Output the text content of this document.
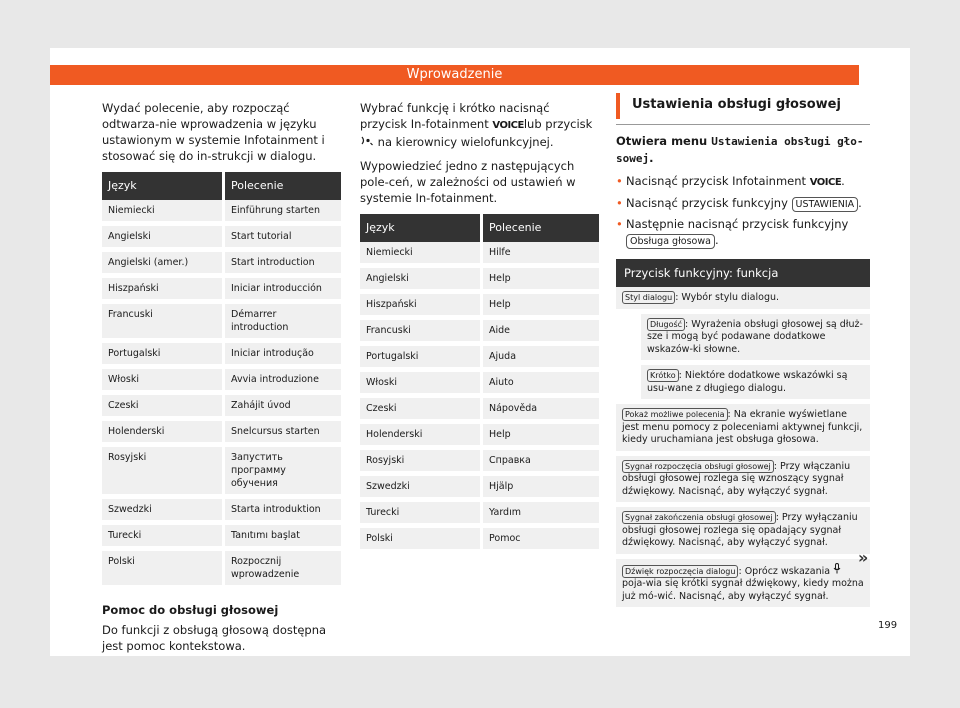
Wprowadzenie

Wydać polecenie, aby rozpocząć odtwarza-nie wprowadzenia w języku ustawionym w systemie Infotainment i stosować się do in-strukcji w dialogu.

Język	Polecenie
Niemiecki	Einführung starten
Angielski	Start tutorial
Angielski (amer.)	Start introduction
Hiszpański	Iniciar introducción
Francuski	Démarrer introduction
Portugalski	Iniciar introdução
Włoski	Avvia introduzione
Czeski	Zahájit úvod
Holenderski	Snelcursus starten
Rosyjski	Запустить программу обучения
Szwedzki	Starta introduktion
Turecki	Tanıtımı başlat
Polski	Rozpocznij wprowadzenie

Pomoc do obsługi głosowej

Do funkcji z obsługą głosową dostępna jest pomoc kontekstowa.

Wybrać funkcję i krótko nacisnąć przycisk In-fotainment VOICElub przycisk  na kierownicy wielofunkcyjnej.

Wypowiedzieć jedno z następujących pole-ceń, w zależności od ustawień w systemie In-fotainment.

Język	Polecenie
Niemiecki	Hilfe
Angielski	Help
Hiszpański	Help
Francuski	Aide
Portugalski	Ajuda
Włoski	Aiuto
Czeski	Nápověda
Holenderski	Help
Rosyjski	Справка
Szwedzki	Hjälp
Turecki	Yardım
Polski	Pomoc
Ustawienia obsługi głosowej

Otwiera menu Ustawienia obsługi gło-sowej.

• Nacisnąć przycisk Infotainment VOICE.
• Nacisnąć przycisk funkcyjny USTAWIENIA .
• Następnie nacisnąć przycisk funkcyjny Obsługa głosowa .
Przycisk funkcyjny: funkcja
Styl dialogu : Wybór stylu dialogu.
Długość : Wyrażenia obsługi głosowej są dłuż-sze i mogą być podawane dodatkowe wskazów-ki słowne.
Krótko : Niektóre dodatkowe wskazówki są usu-wane z długiego dialogu.
Pokaż możliwe polecenia : Na ekranie wyświetlane jest menu pomocy z poleceniami aktywnej funkcji, kiedy uruchamiana jest obsługa głosowa.
Sygnał rozpoczęcia obsługi głosowej : Przy włączaniu obsługi głosowej rozlega się wznoszący sygnał dźwiękowy. Nacisnąć, aby wyłączyć sygnał.
Sygnał zakończenia obsługi głosowej : Przy wyłączaniu obsługi głosowej rozlega się opadający sygnał dźwiękowy. Nacisnąć, aby wyłączyć sygnał.
Dźwięk rozpoczęcia dialogu : Oprócz wskazania  poja-wia się krótki sygnał dźwiękowy, kiedy można już mó-wić. Nacisnąć, aby wyłączyć sygnał.
»
199
